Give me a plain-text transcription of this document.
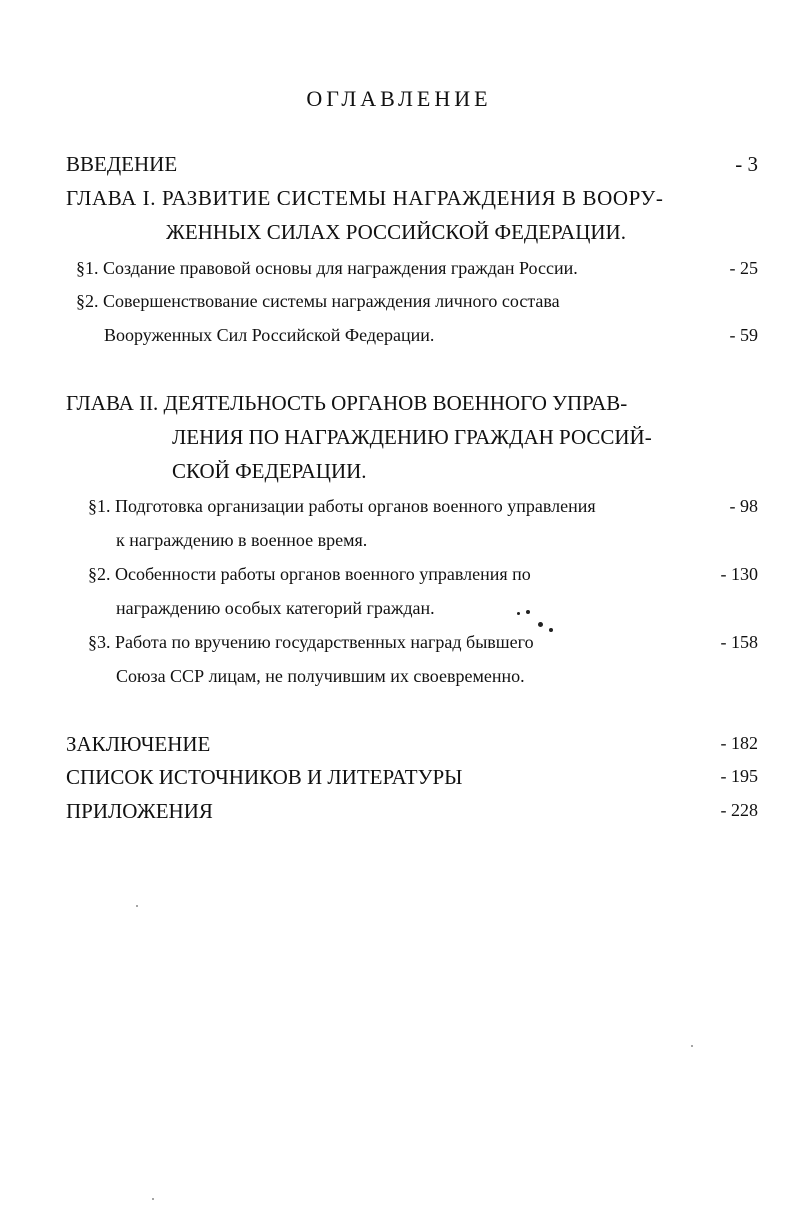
ОГЛАВЛЕНИЕ
ВВЕДЕНИЕ	- 3
ГЛАВА I. РАЗВИТИЕ СИСТЕМЫ НАГРАЖДЕНИЯ В ВООРУ-
ЖЕННЫХ СИЛАХ РОССИЙСКОЙ ФЕДЕРАЦИИ.
§1. Создание правовой основы для награждения граждан России.	- 25
§2. Совершенствование системы награждения личного состава
Вооруженных Сил Российской Федерации.	- 59
ГЛАВА II. ДЕЯТЕЛЬНОСТЬ ОРГАНОВ ВОЕННОГО УПРАВ-
ЛЕНИЯ ПО НАГРАЖДЕНИЮ ГРАЖДАН РОССИЙ-
СКОЙ ФЕДЕРАЦИИ.
§1. Подготовка организации работы органов военного управления	- 98
к награждению в военное время.
§2. Особенности работы органов военного управления по	- 130
награждению особых категорий граждан.
§3. Работа по вручению государственных наград бывшего	- 158
Союза ССР лицам, не получившим их своевременно.
ЗАКЛЮЧЕНИЕ	- 182
СПИСОК ИСТОЧНИКОВ И ЛИТЕРАТУРЫ	- 195
ПРИЛОЖЕНИЯ	- 228
